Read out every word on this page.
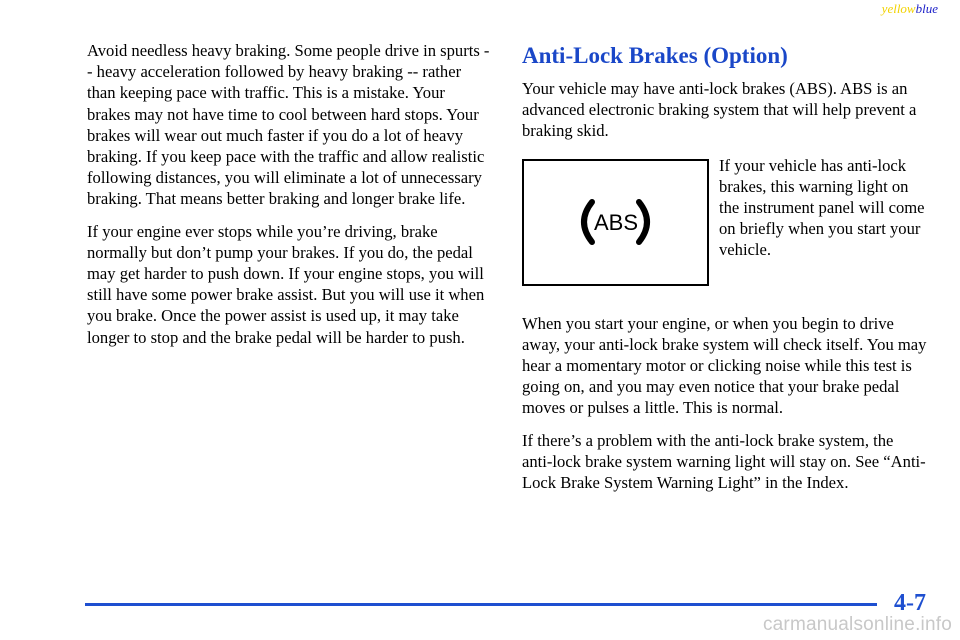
yellowblue

Avoid needless heavy braking. Some people drive in spurts -- heavy acceleration followed by heavy braking -- rather than keeping pace with traffic. This is a mistake. Your brakes may not have time to cool between hard stops. Your brakes will wear out much faster if you do a lot of heavy braking. If you keep pace with the traffic and allow realistic following distances, you will eliminate a lot of unnecessary braking. That means better braking and longer brake life.

If your engine ever stops while you’re driving, brake normally but don’t pump your brakes. If you do, the pedal may get harder to push down. If your engine stops, you will still have some power brake assist. But you will use it when you brake. Once the power assist is used up, it may take longer to stop and the brake pedal will be harder to push.

Anti-Lock Brakes (Option)

Your vehicle may have anti-lock brakes (ABS). ABS is an advanced electronic braking system that will help prevent a braking skid.

ABS
If your vehicle has anti-lock brakes, this warning light on the instrument panel will come on briefly when you start your vehicle.

When you start your engine, or when you begin to drive away, your anti-lock brake system will check itself. You may hear a momentary motor or clicking noise while this test is going on, and you may even notice that your brake pedal moves or pulses a little. This is normal.

If there’s a problem with the anti-lock brake system, the anti-lock brake system warning light will stay on. See “Anti-Lock Brake System Warning Light” in the Index.

4-7
carmanualsonline.info
